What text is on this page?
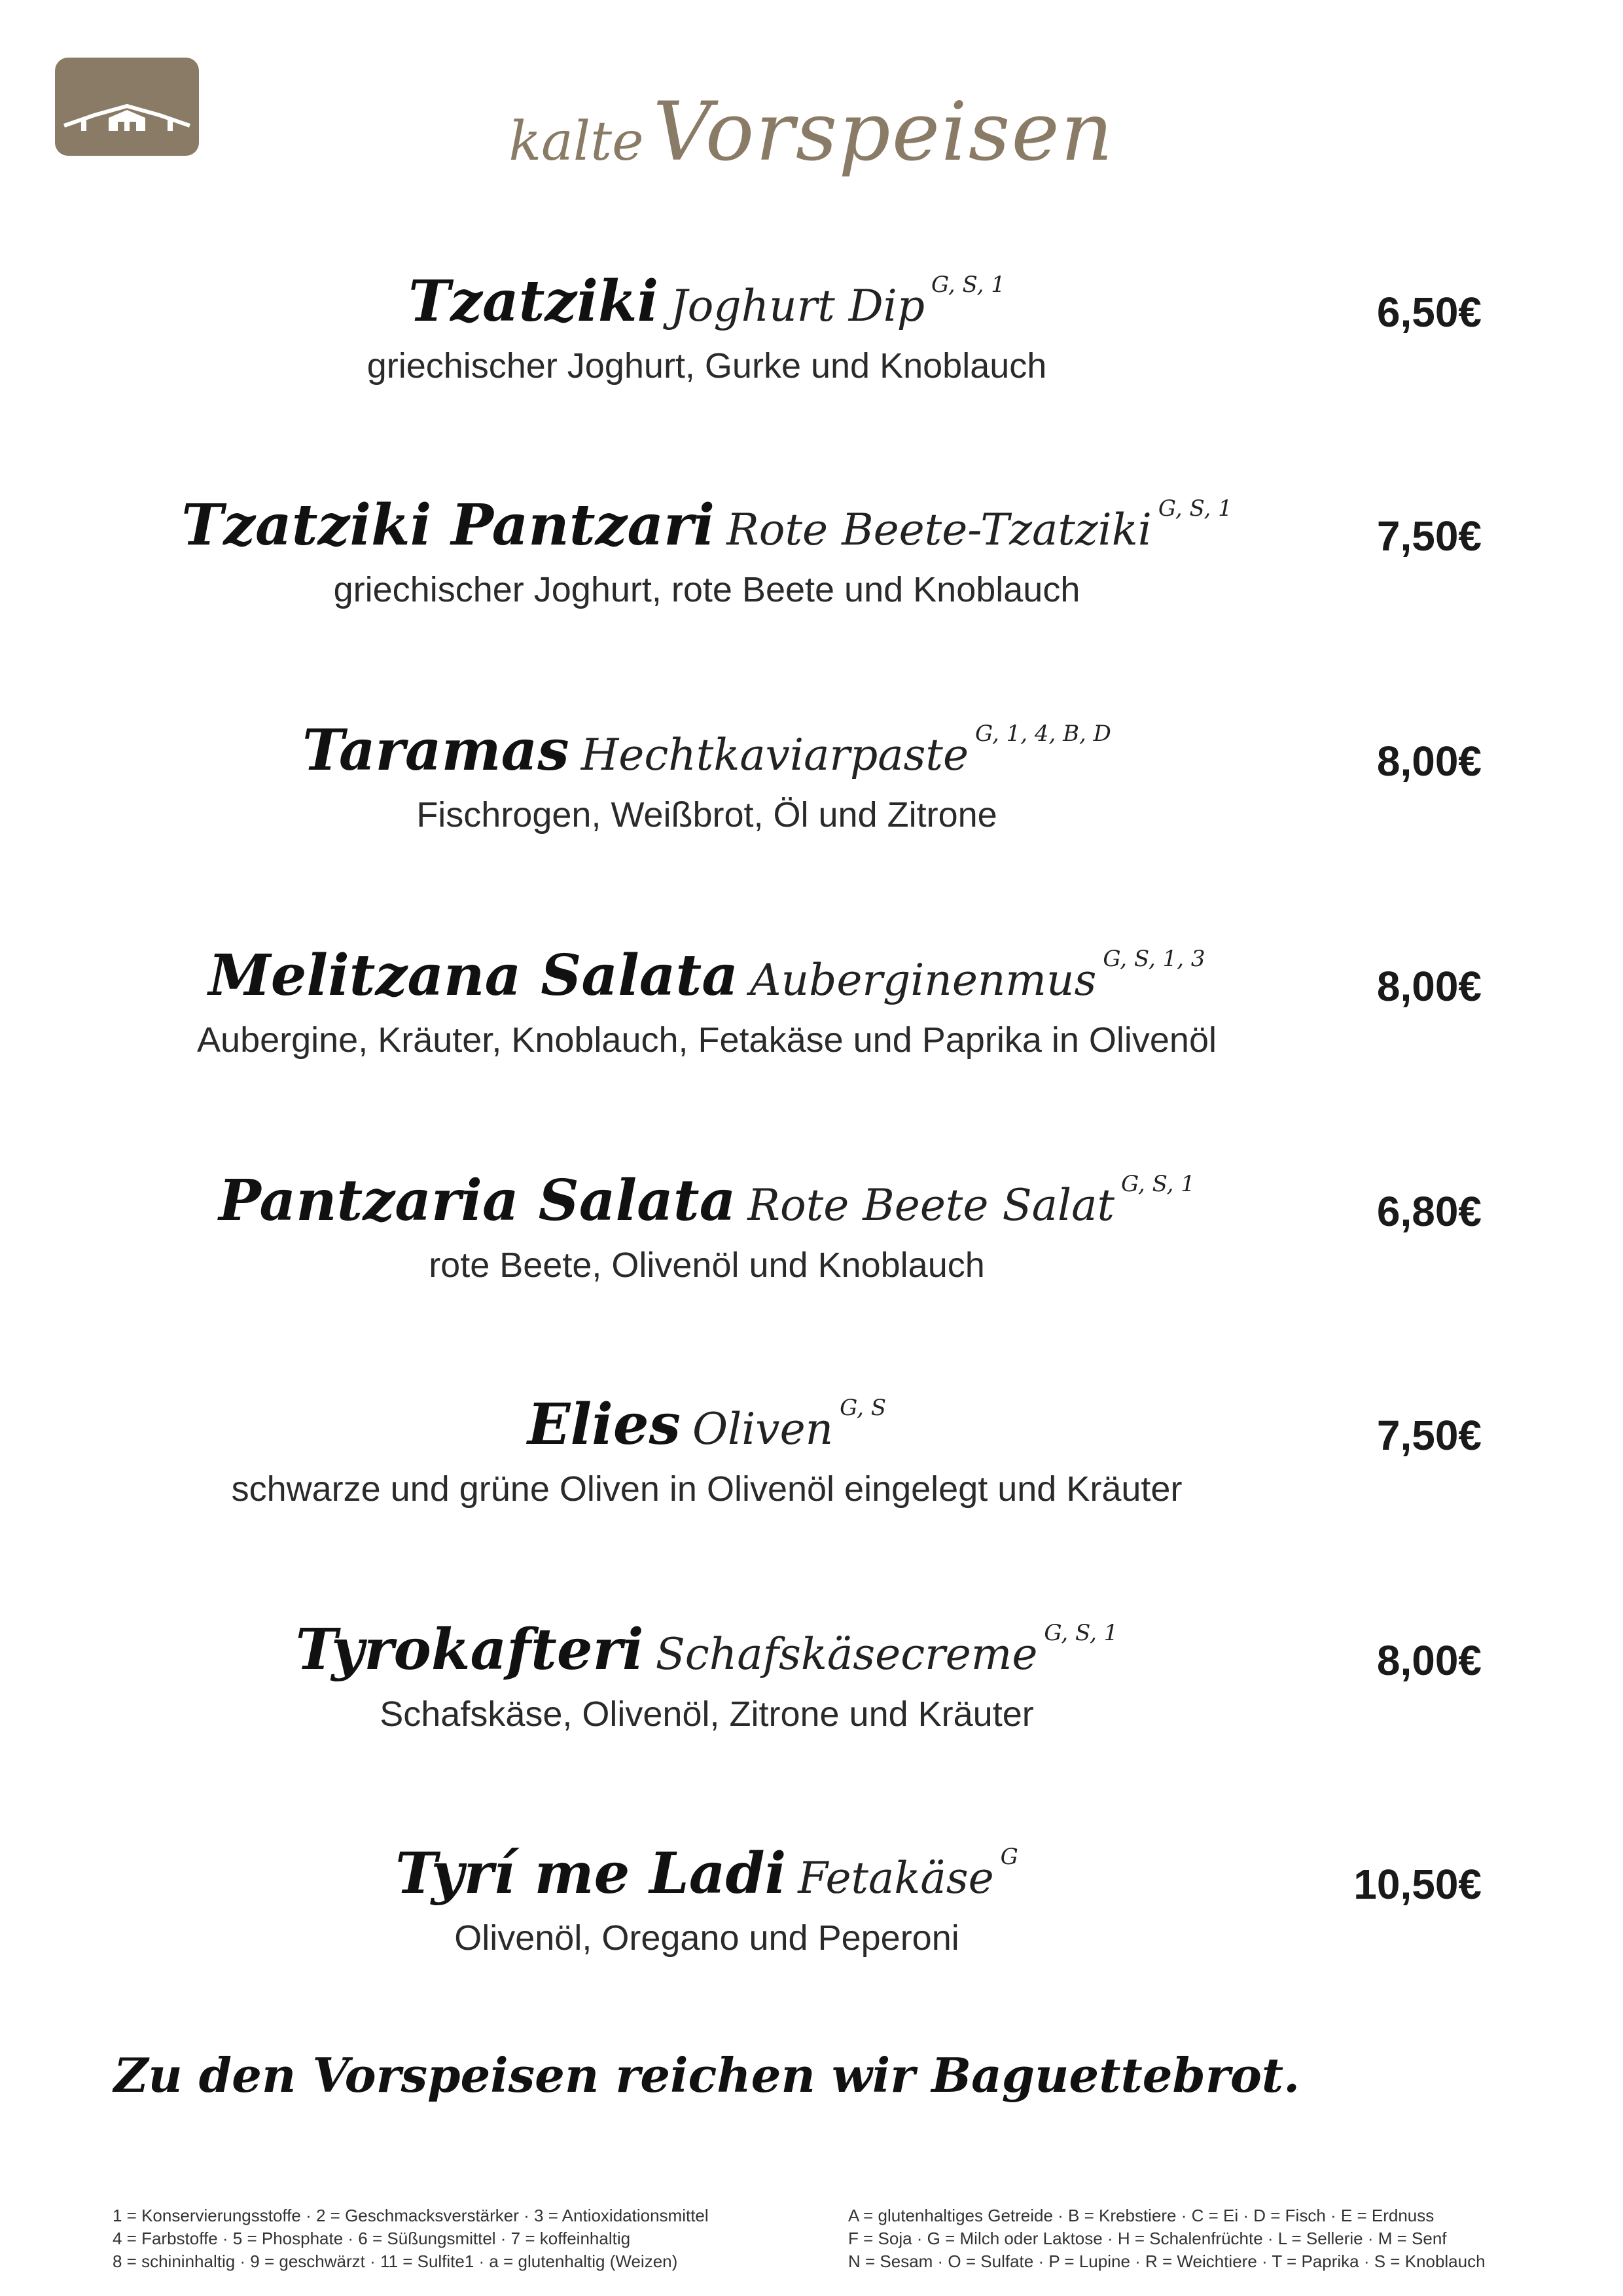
kalte Vorspeisen
Tzatziki Joghurt Dip G, S, 1
griechischer Joghurt, Gurke und Knoblauch
6,50€
Tzatziki Pantzari Rote Beete-Tzatziki G, S, 1
griechischer Joghurt, rote Beete und Knoblauch
7,50€
Taramas Hechtkaviarpaste G, 1, 4, B, D
Fischrogen, Weißbrot, Öl und Zitrone
8,00€
Melitzana Salata Auberginenmus G, S, 1, 3
Aubergine, Kräuter, Knoblauch, Fetakäse und Paprika in Olivenöl
8,00€
Pantzaria Salata Rote Beete Salat G, S, 1
rote Beete, Olivenöl und Knoblauch
6,80€
Elies Oliven G, S
schwarze und grüne Oliven in Olivenöl eingelegt und Kräuter
7,50€
Tyrokafteri Schafskäsecreme G, S, 1
Schafskäse, Olivenöl, Zitrone und Kräuter
8,00€
Tyrí me Ladi Fetakäse G
Olivenöl, Oregano und Peperoni
10,50€
Zu den Vorspeisen reichen wir Baguettebrot.
1 = Konservierungsstoffe · 2 = Geschmacksverstärker · 3 = Antioxidationsmittel
4 = Farbstoffe · 5 = Phosphate · 6 = Süßungsmittel · 7 = koffeinhaltig
8 = schininhaltig · 9 = geschwärzt · 11 = Sulfite1 · a = glutenhaltig (Weizen)
A = glutenhaltiges Getreide · B = Krebstiere · C = Ei · D = Fisch · E = Erdnuss
F = Soja · G = Milch oder Laktose · H = Schalenfrüchte · L = Sellerie · M = Senf
N = Sesam · O = Sulfate · P = Lupine · R = Weichtiere · T = Paprika · S = Knoblauch
